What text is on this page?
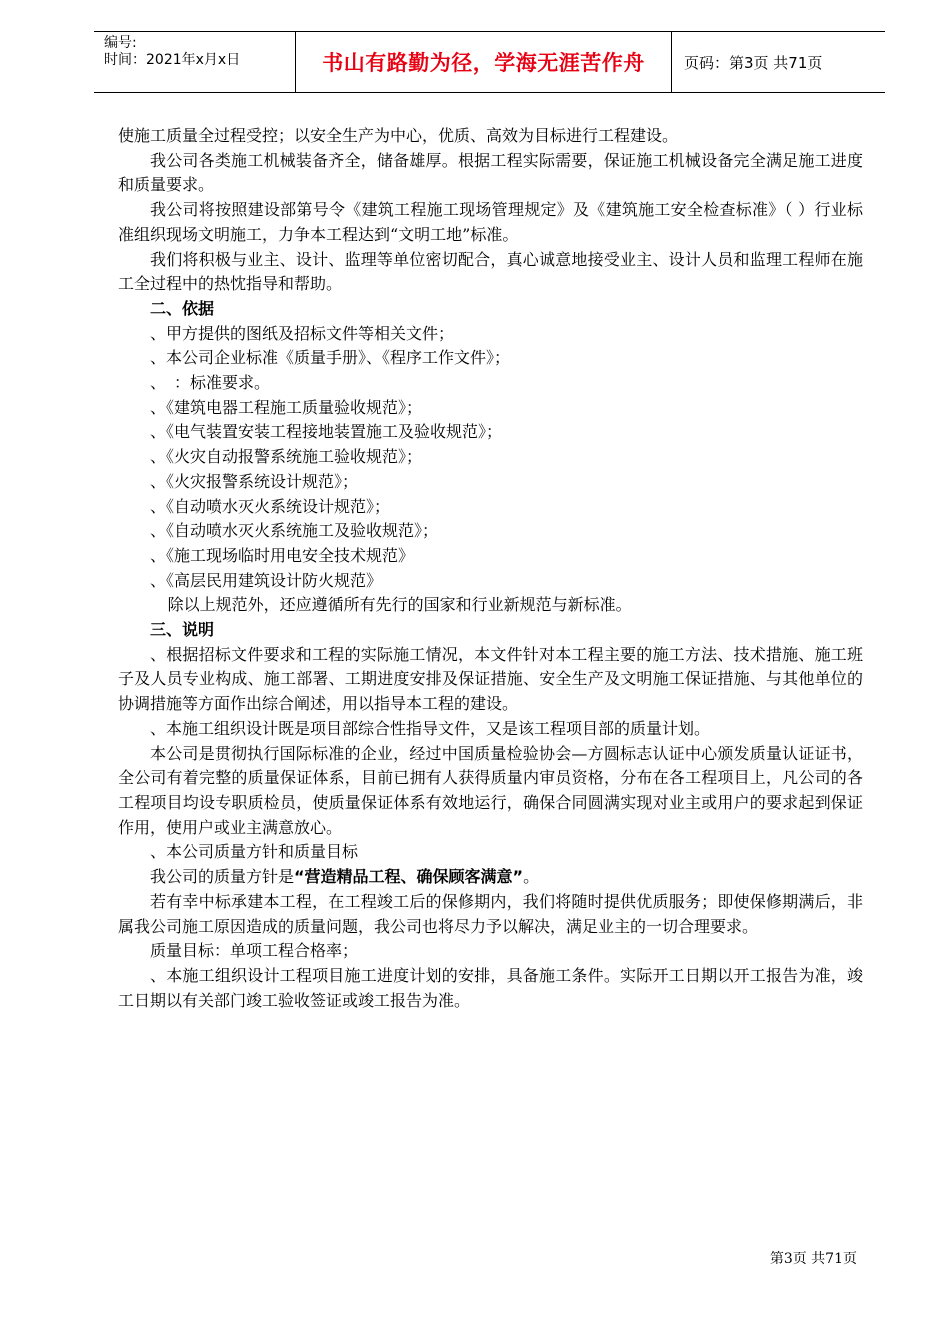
编号:
时间：2021年x月x日	书山有路勤为径，学海无涯苦作舟	页码：第3页 共71页

使施工质量全过程受控；以安全生产为中心，优质、高效为目标进行工程建设。

我公司各类施工机械装备齐全，储备雄厚。根据工程实际需要，保证施工机械设备完全满足施工进度和质量要求。

我公司将按照建设部第号令《建筑工程施工现场管理规定》及《建筑施工安全检查标准》（ ）行业标准组织现场文明施工，力争本工程达到“文明工地”标准。

我们将积极与业主、设计、监理等单位密切配合，真心诚意地接受业主、设计人员和监理工程师在施工全过程中的热忱指导和帮助。

二、依据

、甲方提供的图纸及招标文件等相关文件；

、本公司企业标准《质量手册》、《程序工作文件》；

、　：标准要求。

、《建筑电器工程施工质量验收规范》；

、《电气装置安装工程接地装置施工及验收规范》；

、《火灾自动报警系统施工验收规范》；

、《火灾报警系统设计规范》；

、《自动喷水灭火系统设计规范》；

、《自动喷水灭火系统施工及验收规范》；

、《施工现场临时用电安全技术规范》

、《高层民用建筑设计防火规范》

除以上规范外，还应遵循所有先行的国家和行业新规范与新标准。

三、说明

、根据招标文件要求和工程的实际施工情况，本文件针对本工程主要的施工方法、技术措施、施工班子及人员专业构成、施工部署、工期进度安排及保证措施、安全生产及文明施工保证措施、与其他单位的协调措施等方面作出综合阐述，用以指导本工程的建设。

、本施工组织设计既是项目部综合性指导文件，又是该工程项目部的质量计划。

本公司是贯彻执行国际标准的企业，经过中国质量检验协会—方圆标志认证中心颁发质量认证证书，全公司有着完整的质量保证体系，目前已拥有人获得质量内审员资格，分布在各工程项目上，凡公司的各工程项目均设专职质检员，使质量保证体系有效地运行，确保合同圆满实现对业主或用户的要求起到保证作用，使用户或业主满意放心。

、本公司质量方针和质量目标

我公司的质量方针是“营造精品工程、确保顾客满意”。

若有幸中标承建本工程，在工程竣工后的保修期内，我们将随时提供优质服务；即使保修期满后，非属我公司施工原因造成的质量问题，我公司也将尽力予以解决，满足业主的一切合理要求。

质量目标：单项工程合格率；

、本施工组织设计工程项目施工进度计划的安排，具备施工条件。实际开工日期以开工报告为准，竣工日期以有关部门竣工验收签证或竣工报告为准。

第3页 共71页
